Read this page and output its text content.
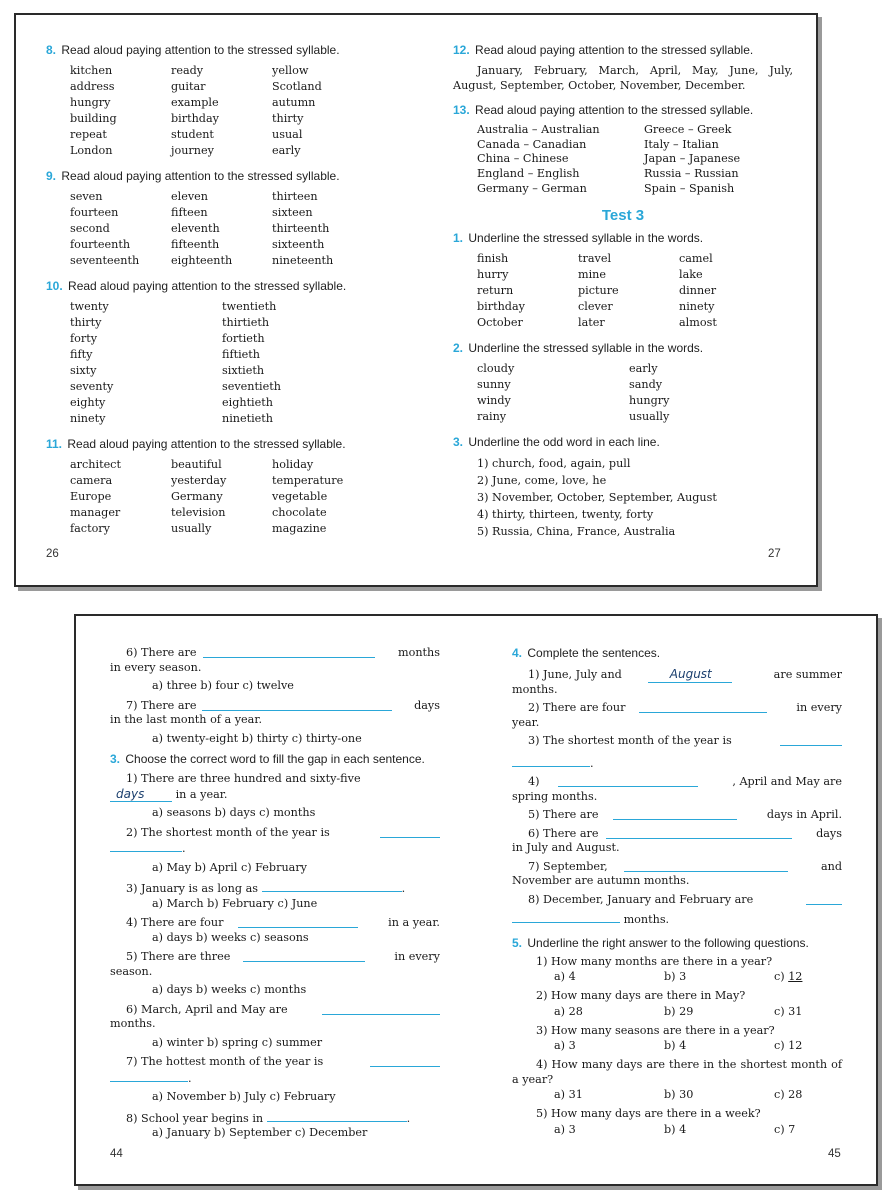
8. Read aloud paying attention to the stressed syllable.

kitchen	ready	yellow
address	guitar	Scotland
hungry	example	autumn
building	birthday	thirty
repeat	student	usual
London	journey	early

9. Read aloud paying attention to the stressed syllable.

seven	eleven	thirteen
fourteen	fifteen	sixteen
second	eleventh	thirteenth
fourteenth	fifteenth	sixteenth
seventeenth	eighteenth	nineteenth

10. Read aloud paying attention to the stressed syllable.

twenty	twentieth
thirty	thirtieth
forty	fortieth
fifty	fiftieth
sixty	sixtieth
seventy	seventieth
eighty	eightieth
ninety	ninetieth

11. Read aloud paying attention to the stressed syllable.

architect	beautiful	holiday
camera	yesterday	temperature
Europe	Germany	vegetable
manager	television	chocolate
factory	usually	magazine
26

12. Read aloud paying attention to the stressed syllable.

January, February, March, April, May, June, July, August, September, October, November, December.

13. Read aloud paying attention to the stressed syllable.

Australia – Australian	Greece – Greek
Canada – Canadian	Italy – Italian
China – Chinese	Japan – Japanese
England – English	Russia – Russian
Germany – German	Spain – Spanish
Test 3

1. Underline the stressed syllable in the words.

finish	travel	camel
hurry	mine	lake
return	picture	dinner
birthday	clever	ninety
October	later	almost

2. Underline the stressed syllable in the words.

cloudy	early
sunny	sandy
windy	hungry
rainy	usually

3. Underline the odd word in each line.

1) church, food, again, pull
2) June, come, love, he
3) November, October, September, August
4) thirty, thirteen, twenty, forty
5) Russia, China, France, Australia
27
6) There are	months
in every season.
a) three b) four c) twelve
7) There are	days
in the last month of a year.
a) twenty-eight b) thirty c) thirty-one

3. Choose the correct word to fill the gap in each sentence.

1) There are three hundred and sixty-five
days	in a year.
a) seasons b) days c) months
2) The shortest month of the year is
.
a) May b) April c) February
3) January is as long as	.
a) March b) February c) June
4) There are four	in a year.
a) days b) weeks c) seasons
5) There are three	in every
season.
a) days b) weeks c) months
6) March, April and May are
months.
a) winter b) spring c) summer
7) The hottest month of the year is
.
a) November b) July c) February
8) School year begins in	.
a) January b) September c) December
44

4. Complete the sentences.

1) June, July and	August	are summer
months.
2) There are four	in every
year.
3) The shortest month of the year is
.
4)	, April and May are
spring months.
5) There are	days in April.
6) There are	days
in July and August.
7) September,	and
November are autumn months.
8) December, January and February are
months.

5. Underline the right answer to the following questions.

1) How many months are there in a year?
a) 4	b) 3	c) 12
2) How many days are there in May?
a) 28	b) 29	c) 31
3) How many seasons are there in a year?
a) 3	b) 4	c) 12
4) How many days are there in the shortest month of a year?
a) 31	b) 30	c) 28
5) How many days are there in a week?
a) 3	b) 4	c) 7
45
